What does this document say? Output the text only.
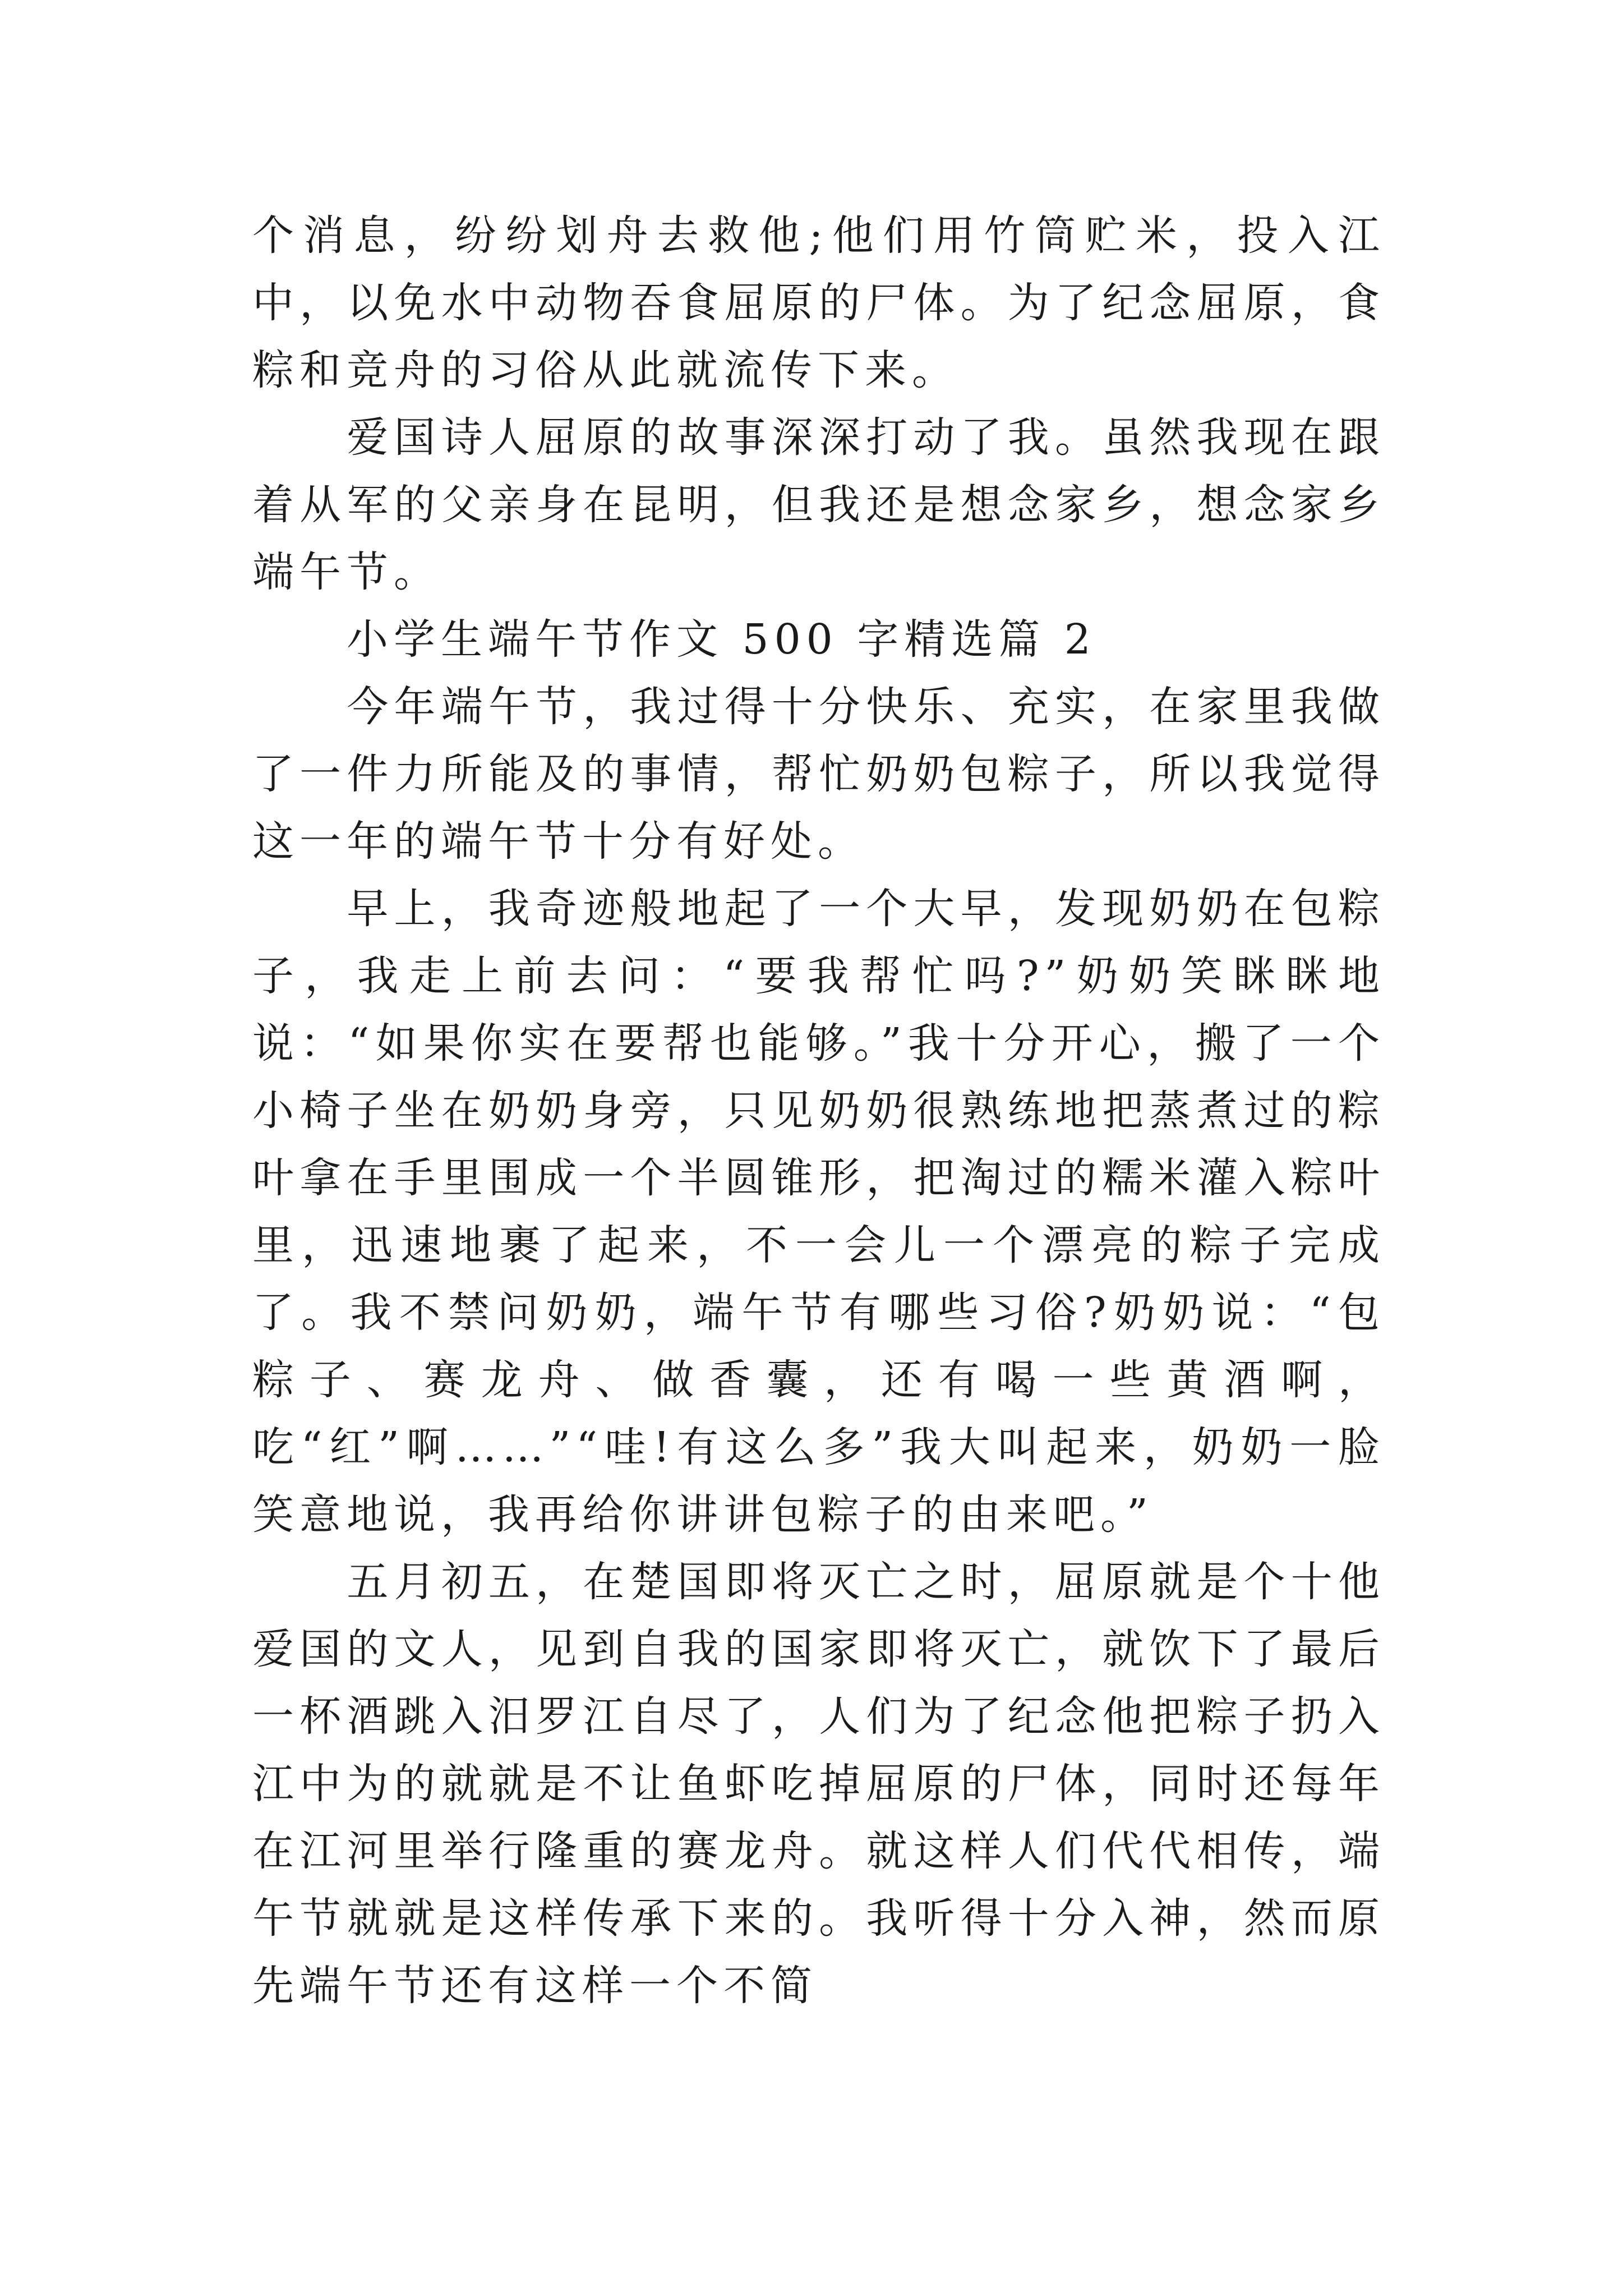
个消息，纷纷划舟去救他;他们用竹筒贮米，投入江中，以免水中动物吞食屈原的尸体。为了纪念屈原，食粽和竞舟的习俗从此就流传下来。

　　爱国诗人屈原的故事深深打动了我。虽然我现在跟着从军的父亲身在昆明，但我还是想念家乡，想念家乡端午节。

　　小学生端午节作文 500 字精选篇 2

　　今年端午节，我过得十分快乐、充实，在家里我做了一件力所能及的事情，帮忙奶奶包粽子，所以我觉得这一年的端午节十分有好处。

　　早上，我奇迹般地起了一个大早，发现奶奶在包粽子，我走上前去问：“要我帮忙吗?”奶奶笑眯眯地说：“如果你实在要帮也能够。”我十分开心，搬了一个小椅子坐在奶奶身旁，只见奶奶很熟练地把蒸煮过的粽叶拿在手里围成一个半圆锥形，把淘过的糯米灌入粽叶里，迅速地裹了起来，不一会儿一个漂亮的粽子完成了。我不禁问奶奶，端午节有哪些习俗?奶奶说：“包粽子、赛龙舟、做香囊，还有喝一些黄酒啊，吃“红”啊……”“哇!有这么多”我大叫起来，奶奶一脸笑意地说，我再给你讲讲包粽子的由来吧。”

　　五月初五，在楚国即将灭亡之时，屈原就是个十他爱国的文人，见到自我的国家即将灭亡，就饮下了最后一杯酒跳入汨罗江自尽了，人们为了纪念他把粽子扔入江中为的就就是不让鱼虾吃掉屈原的尸体，同时还每年在江河里举行隆重的赛龙舟。就这样人们代代相传，端午节就就是这样传承下来的。我听得十分入神，然而原先端午节还有这样一个不简
